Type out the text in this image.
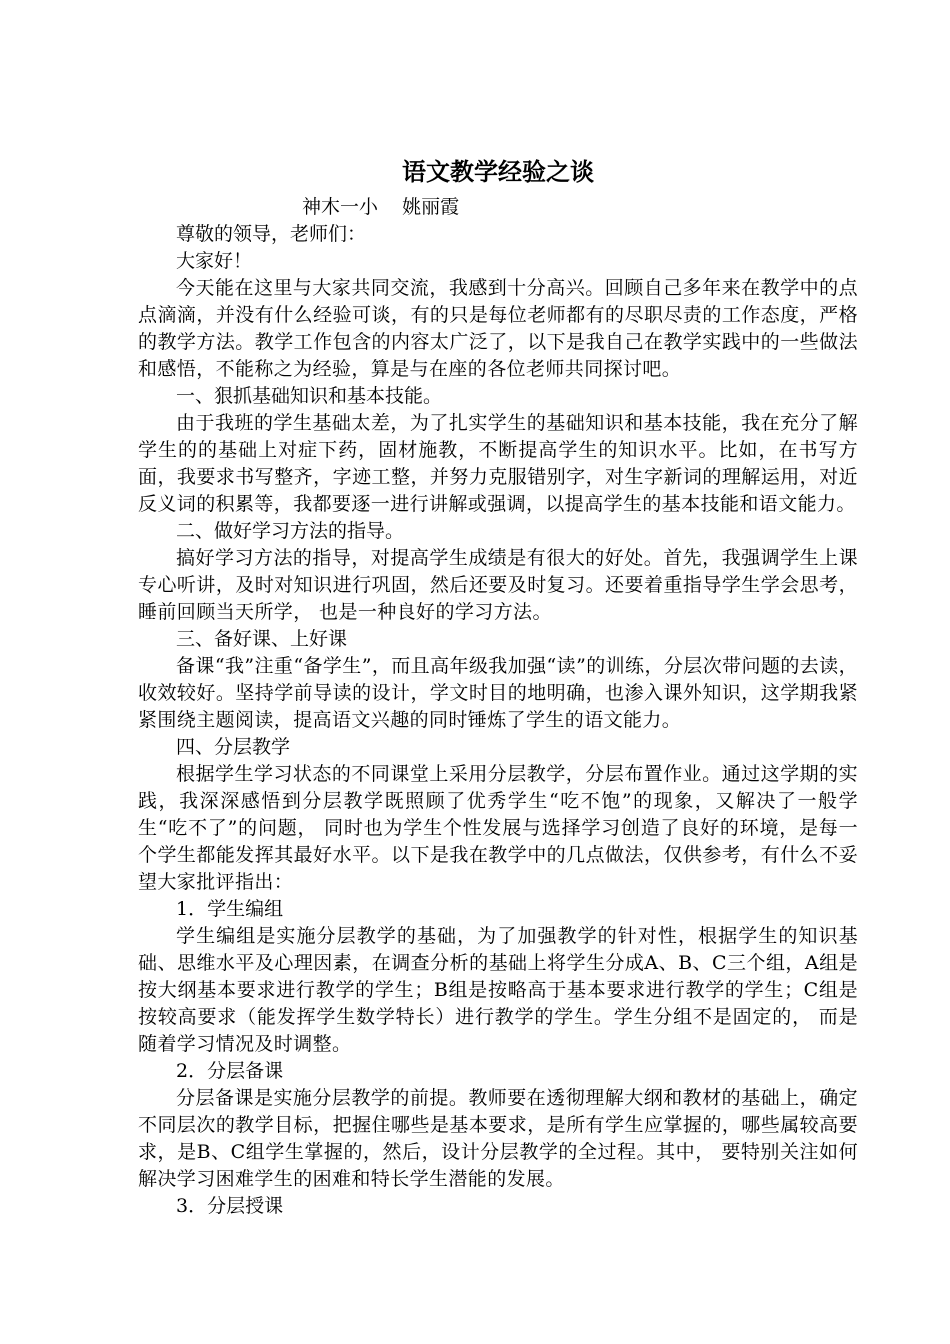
语文教学经验之谈
神木一小    姚丽霞
尊敬的领导，老师们：
大家好！
今天能在这里与大家共同交流，我感到十分高兴。回顾自己多年来在教学中的点点滴滴，并没有什么经验可谈，有的只是每位老师都有的尽职尽责的工作态度，严格的教学方法。教学工作包含的内容太广泛了，以下是我自己在教学实践中的一些做法和感悟，不能称之为经验，算是与在座的各位老师共同探讨吧。
一、狠抓基础知识和基本技能。
由于我班的学生基础太差，为了扎实学生的基础知识和基本技能，我在充分了解学生的的基础上对症下药，固材施教，不断提高学生的知识水平。比如，在书写方面，我要求书写整齐，字迹工整，并努力克服错别字，对生字新词的理解运用，对近反义词的积累等，我都要逐一进行讲解或强调，以提高学生的基本技能和语文能力。
二、做好学习方法的指导。
搞好学习方法的指导，对提高学生成绩是有很大的好处。首先，我强调学生上课专心听讲，及时对知识进行巩固，然后还要及时复习。还要着重指导学生学会思考，睡前回顾当天所学， 也是一种良好的学习方法。
三、备好课、上好课
备课“我”注重“备学生”，而且高年级我加强“读”的训练，分层次带问题的去读，收效较好。坚持学前导读的设计，学文时目的地明确，也渗入课外知识，这学期我紧紧围绕主题阅读，提高语文兴趣的同时锤炼了学生的语文能力。
四、分层教学
根据学生学习状态的不同课堂上采用分层教学，分层布置作业。通过这学期的实践，我深深感悟到分层教学既照顾了优秀学生“吃不饱”的现象，又解决了一般学生“吃不了”的问题， 同时也为学生个性发展与选择学习创造了良好的环境，是每一个学生都能发挥其最好水平。以下是我在教学中的几点做法，仅供参考，有什么不妥望大家批评指出：
1．学生编组
学生编组是实施分层教学的基础，为了加强教学的针对性，根据学生的知识基础、思维水平及心理因素，在调查分析的基础上将学生分成A、B、C三个组，A组是按大纲基本要求进行教学的学生；B组是按略高于基本要求进行教学的学生；C组是按较高要求（能发挥学生数学特长）进行教学的学生。学生分组不是固定的， 而是随着学习情况及时调整。
2．分层备课
分层备课是实施分层教学的前提。教师要在透彻理解大纲和教材的基础上，确定不同层次的教学目标，把握住哪些是基本要求，是所有学生应掌握的，哪些属较高要求，是B、C组学生掌握的，然后，设计分层教学的全过程。其中， 要特别关注如何解决学习困难学生的困难和特长学生潜能的发展。
3．分层授课
